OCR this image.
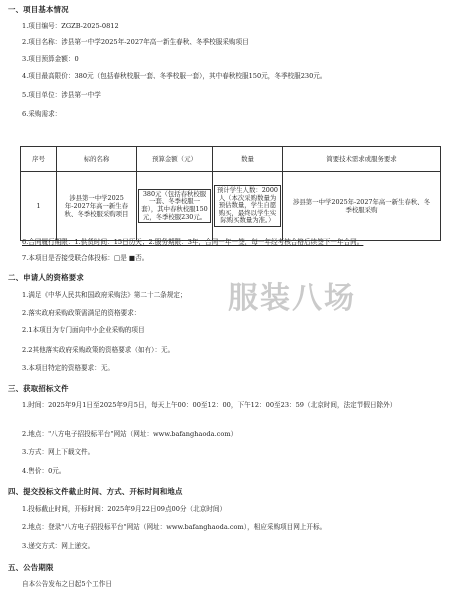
一、项目基本情况
1.项目编号：ZGZB-2025-0812
2.项目名称：涉县第一中学2025年-2027年高一新生春秋、冬季校服采购项目
3.项目预算金额：0
4.项目最高限价：380元（包括春秋校服一套、冬季校服一套），其中春秋校服150元，冬季校服230元。
5.项目单位：涉县第一中学
6.采购需求：
序号	标的名称	预算金额（元）	数量	简要技术需求或服务要求
1	涉县第一中学2025年-2027年高一新生春秋、冬季校服采购项目	380元（包括春秋校服一套、冬季校服一套），其中春秋校服150元，冬季校服230元。	预计学生人数：2000人（本次采购数量为预估数量，学生自愿购买，最终以学生实际购买数量为准。）	涉县第一中学2025年-2027年高一新生春秋、冬季校服采购
6.合同履行期限：1.供货时间：15日历天；2.服务期限：3年，合同一年一签，每一年经考核合格后续签下一年合同。
7.本项目是否接受联合体投标：□是 ■否。
二、申请人的资格要求
1.满足《中华人民共和国政府采购法》第二十二条规定；
2.落实政府采购政策需满足的资格要求：
2.1本项目为专门面向中小企业采购的项目
2.2其他落实政府采购政策的资格要求（如有）：无。
3.本项目特定的资格要求：无。
三、获取招标文件
1.时间：2025年9月1日至2025年9月5日，每天上午00：00至12：00，下午12：00至23：59（北京时间，法定节假日除外）
2.地点："八方电子招投标平台"网站（网址：www.bafanghaoda.com）
3.方式：网上下载文件。
4.售价：0元。
四、提交投标文件截止时间、方式、开标时间和地点
1.投标截止时间，开标时间：2025年9月22日09点00分（北京时间）
2.地点：登录"八方电子招投标平台"网站（网址：www.bafanghaoda.com），相应采购项目网上开标。
3.递交方式：网上递交。
五、公告期限
自本公告发布之日起5个工作日
服装八场
